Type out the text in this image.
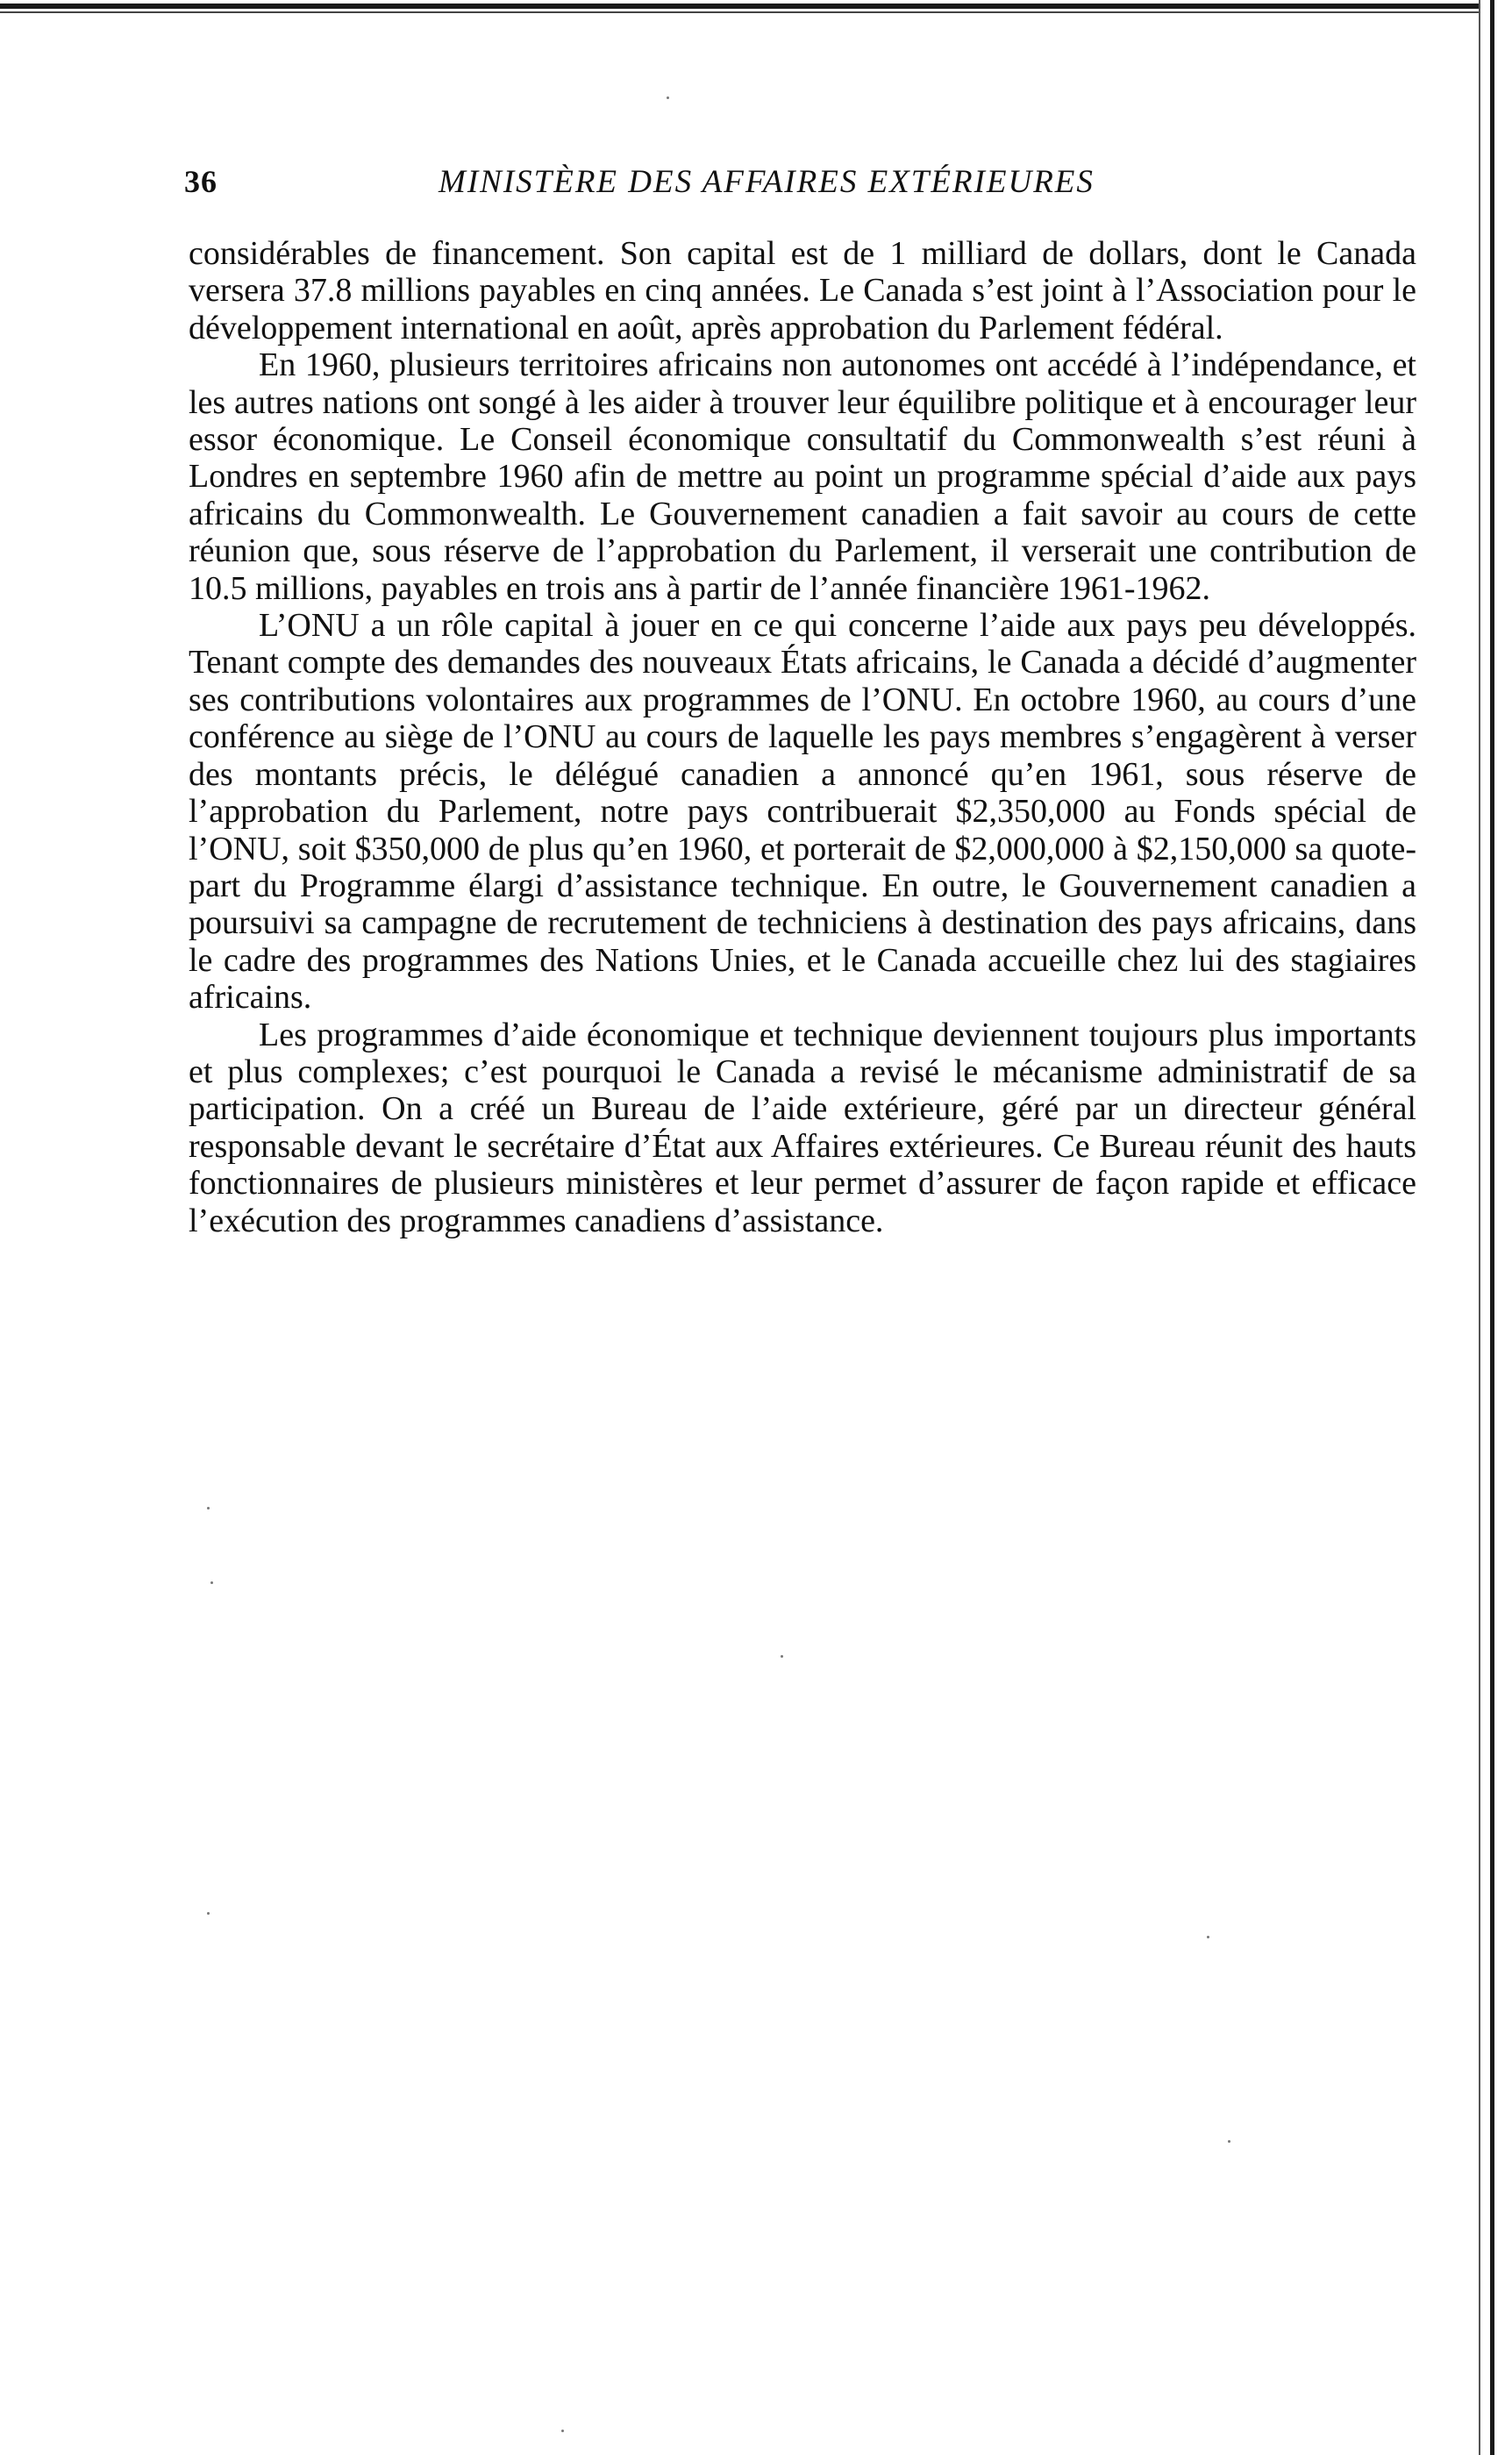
36	MINISTÈRE DES AFFAIRES EXTÉRIEURES

considérables de financement. Son capital est de 1 milliard de dollars, dont le Canada versera 37.8 millions payables en cinq années. Le Canada s’est joint à l’Association pour le développement international en août, après approbation du Parlement fédéral.

En 1960, plusieurs territoires africains non autonomes ont accédé à l’indépendance, et les autres nations ont songé à les aider à trouver leur équilibre politique et à encourager leur essor économique. Le Conseil économique consultatif du Commonwealth s’est réuni à Londres en septembre 1960 afin de mettre au point un programme spécial d’aide aux pays africains du Commonwealth. Le Gouvernement canadien a fait savoir au cours de cette réunion que, sous réserve de l’approbation du Parlement, il verserait une contribution de 10.5 millions, payables en trois ans à partir de l’année financière 1961-1962.

L’ONU a un rôle capital à jouer en ce qui concerne l’aide aux pays peu développés. Tenant compte des demandes des nouveaux États africains, le Canada a décidé d’augmenter ses contributions volontaires aux programmes de l’ONU. En octobre 1960, au cours d’une conférence au siège de l’ONU au cours de laquelle les pays membres s’engagèrent à verser des montants précis, le délégué canadien a annoncé qu’en 1961, sous réserve de l’approbation du Parlement, notre pays contribuerait $2,350,000 au Fonds spécial de l’ONU, soit $350,000 de plus qu’en 1960, et porterait de $2,000,000 à $2,150,000 sa quote-part du Programme élargi d’assistance technique. En outre, le Gouvernement canadien a poursuivi sa campagne de recrutement de techniciens à destination des pays africains, dans le cadre des programmes des Nations Unies, et le Canada accueille chez lui des stagiaires africains.

Les programmes d’aide économique et technique deviennent toujours plus importants et plus complexes; c’est pourquoi le Canada a revisé le mécanisme administratif de sa participation. On a créé un Bureau de l’aide extérieure, géré par un directeur général responsable devant le secrétaire d’État aux Affaires extérieures. Ce Bureau réunit des hauts fonctionnaires de plusieurs ministères et leur permet d’assurer de façon rapide et efficace l’exécution des programmes canadiens d’assistance.
